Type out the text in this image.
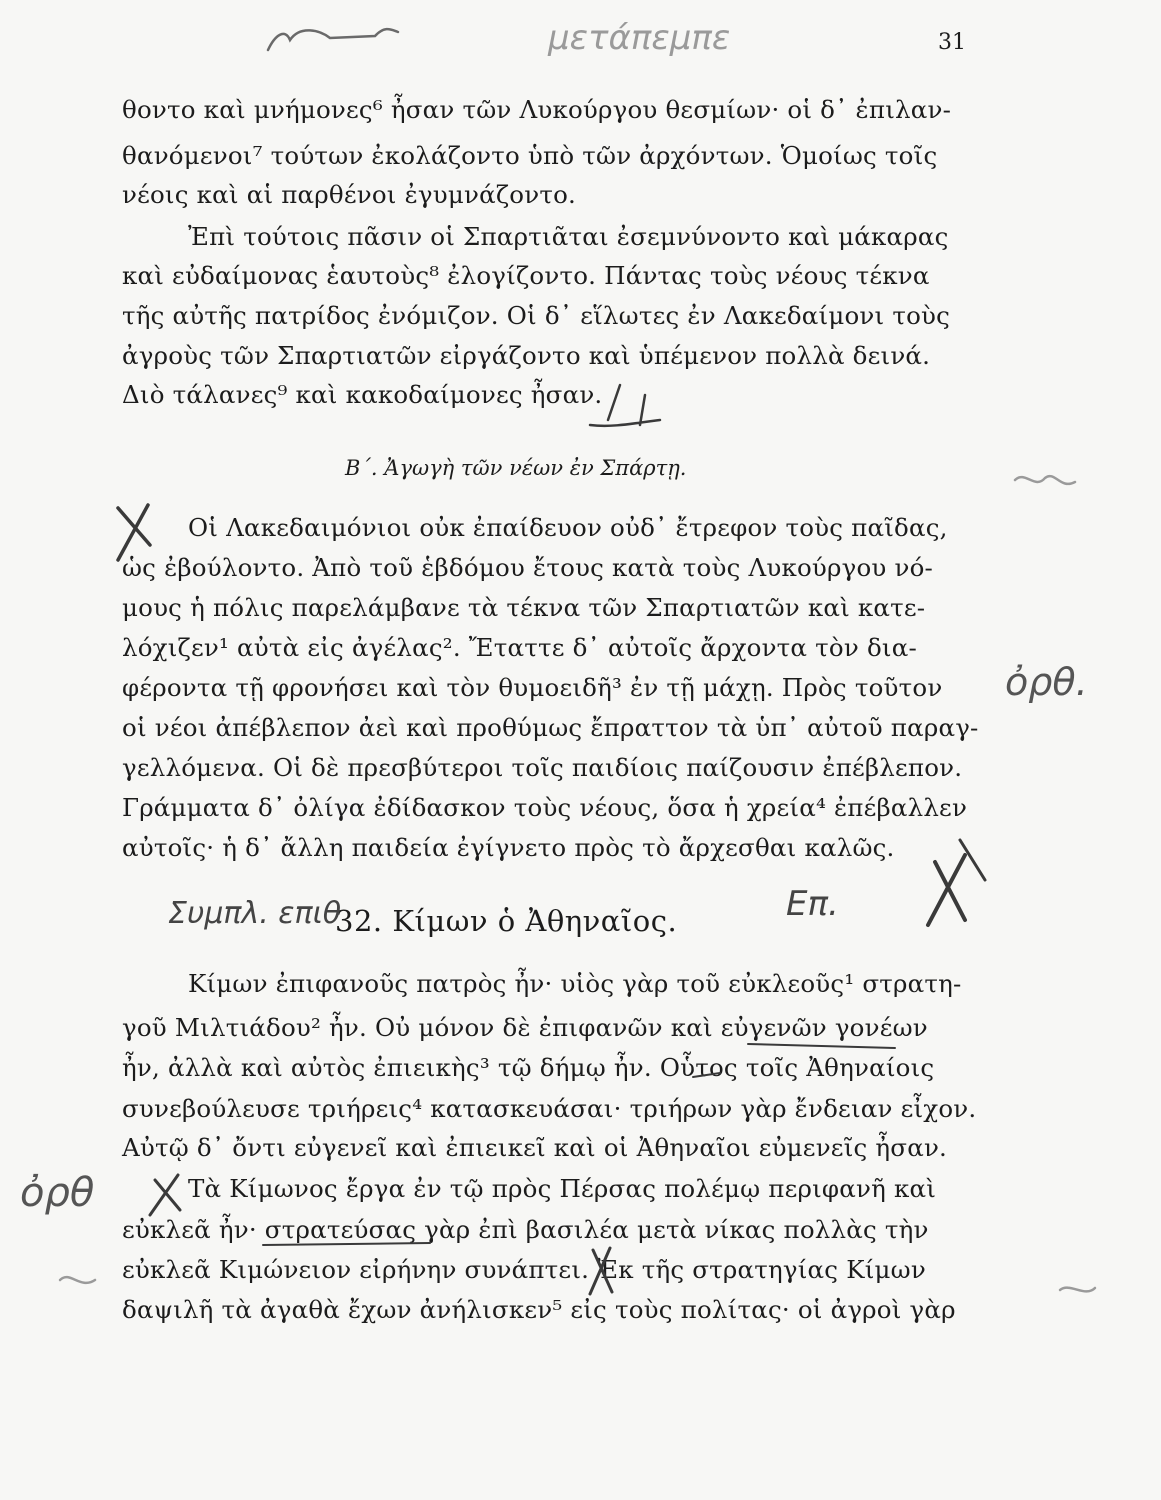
31
θοντο καὶ μνήμονες⁶ ἦσαν τῶν Λυκούργου θεσμίων· οἱ δ᾽ ἐπιλαν-
θανόμενοι⁷ τούτων ἐκολάζοντο ὑπὸ τῶν ἀρχόντων. Ὁμοίως τοῖς
νέοις καὶ αἱ παρθένοι ἐγυμνάζοντο.
Ἐπὶ τούτοις πᾶσιν οἱ Σπαρτιᾶται ἐσεμνύνοντο καὶ μάκαρας
καὶ εὐδαίμονας ἑαυτοὺς⁸ ἐλογίζοντο. Πάντας τοὺς νέους τέκνα
τῆς αὐτῆς πατρίδος ἐνόμιζον. Οἱ δ᾽ εἵλωτες ἐν Λακεδαίμονι τοὺς
ἀγροὺς τῶν Σπαρτιατῶν εἰργάζοντο καὶ ὑπέμενον πολλὰ δεινά.
Διὸ τάλανες⁹ καὶ κακοδαίμονες ἦσαν.
Β΄. Ἀγωγὴ τῶν νέων ἐν Σπάρτῃ.
Οἱ Λακεδαιμόνιοι οὐκ ἐπαίδευον οὐδ᾽ ἔτρεφον τοὺς παῖδας,
ὡς ἐβούλοντο. Ἀπὸ τοῦ ἑβδόμου ἔτους κατὰ τοὺς Λυκούργου νό-
μους ἡ πόλις παρελάμβανε τὰ τέκνα τῶν Σπαρτιατῶν καὶ κατε-
λόχιζεν¹ αὐτὰ εἰς ἀγέλας². Ἔταττε δ᾽ αὐτοῖς ἄρχοντα τὸν δια-
φέροντα τῇ φρονήσει καὶ τὸν θυμοειδῆ³ ἐν τῇ μάχῃ. Πρὸς τοῦτον
οἱ νέοι ἀπέβλεπον ἀεὶ καὶ προθύμως ἔπραττον τὰ ὑπ᾽ αὐτοῦ παραγ-
γελλόμενα. Οἱ δὲ πρεσβύτεροι τοῖς παιδίοις παίζουσιν ἐπέβλεπον.
Γράμματα δ᾽ ὀλίγα ἐδίδασκον τοὺς νέους, ὅσα ἡ χρεία⁴ ἐπέβαλλεν
αὐτοῖς· ἡ δ᾽ ἄλλη παιδεία ἐγίγνετο πρὸς τὸ ἄρχεσθαι καλῶς.
32. Κίμων ὁ Ἀθηναῖος.
Κίμων ἐπιφανοῦς πατρὸς ἦν· υἱὸς γὰρ τοῦ εὐκλεοῦς¹ στρατη-
γοῦ Μιλτιάδου² ἦν. Οὐ μόνον δὲ ἐπιφανῶν καὶ εὐγενῶν γονέων
ἦν, ἀλλὰ καὶ αὐτὸς ἐπιεικὴς³ τῷ δήμῳ ἦν. Οὗτος τοῖς Ἀθηναίοις
συνεβούλευσε τριήρεις⁴ κατασκευάσαι· τριήρων γὰρ ἔνδειαν εἶχον.
Αὐτῷ δ᾽ ὄντι εὐγενεῖ καὶ ἐπιεικεῖ καὶ οἱ Ἀθηναῖοι εὐμενεῖς ἦσαν.
Τὰ Κίμωνος ἔργα ἐν τῷ πρὸς Πέρσας πολέμῳ περιφανῆ καὶ
εὐκλεᾶ ἦν· στρατεύσας γὰρ ἐπὶ βασιλέα μετὰ νίκας πολλὰς τὴν
εὐκλεᾶ Κιμώνειον εἰρήνην συνάπτει. Ἐκ τῆς στρατηγίας Κίμων
δαψιλῆ τὰ ἀγαθὰ ἔχων ἀνήλισκεν⁵ εἰς τοὺς πολίτας· οἱ ἀγροὶ γὰρ
μετάπεμπε
ὀρθ.
ὀρθ
Συμπλ. επιθ	Επ.
